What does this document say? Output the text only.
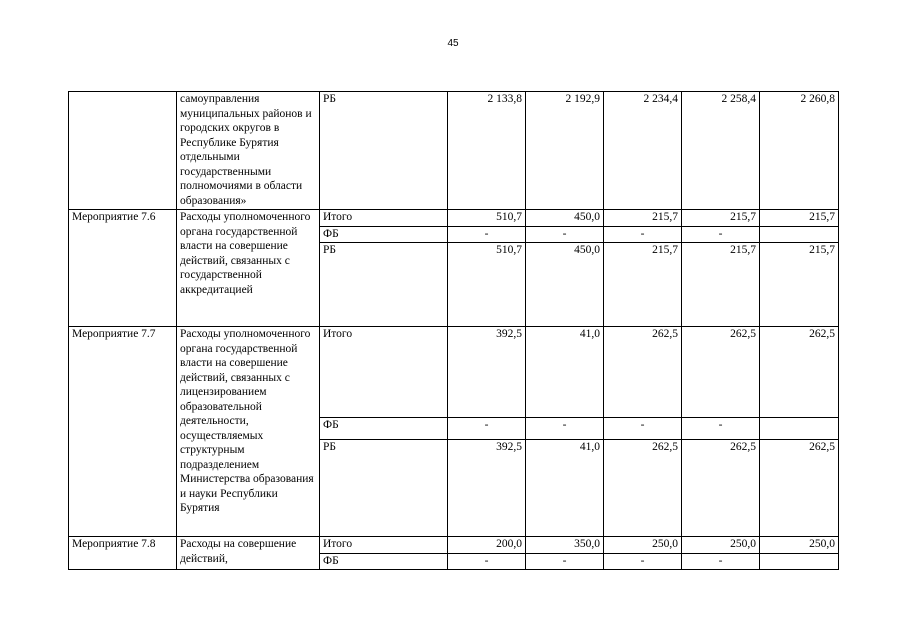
45
	самоуправления муниципальных районов и городских округов в Республике Бурятия отдельными государственными полномочиями в области образования»	РБ	2 133,8	2 192,9	2 234,4	2 258,4	2 260,8
Мероприятие 7.6	Расходы уполномоченного органа государственной власти на совершение действий, связанных с государственной аккредитацией	Итого	510,7	450,0	215,7	215,7	215,7
		ФБ	-	-	-	-	
		РБ	510,7	450,0	215,7	215,7	215,7
Мероприятие 7.7	Расходы уполномоченного органа государственной власти на совершение действий, связанных с лицензированием образовательной деятельности, осуществляемых структурным подразделением Министерства образования и науки Республики Бурятия	Итого	392,5	41,0	262,5	262,5	262,5
		ФБ	-	-	-	-	
		РБ	392,5	41,0	262,5	262,5	262,5
Мероприятие 7.8	Расходы на совершение действий,	Итого	200,0	350,0	250,0	250,0	250,0
		ФБ	-	-	-	-	
